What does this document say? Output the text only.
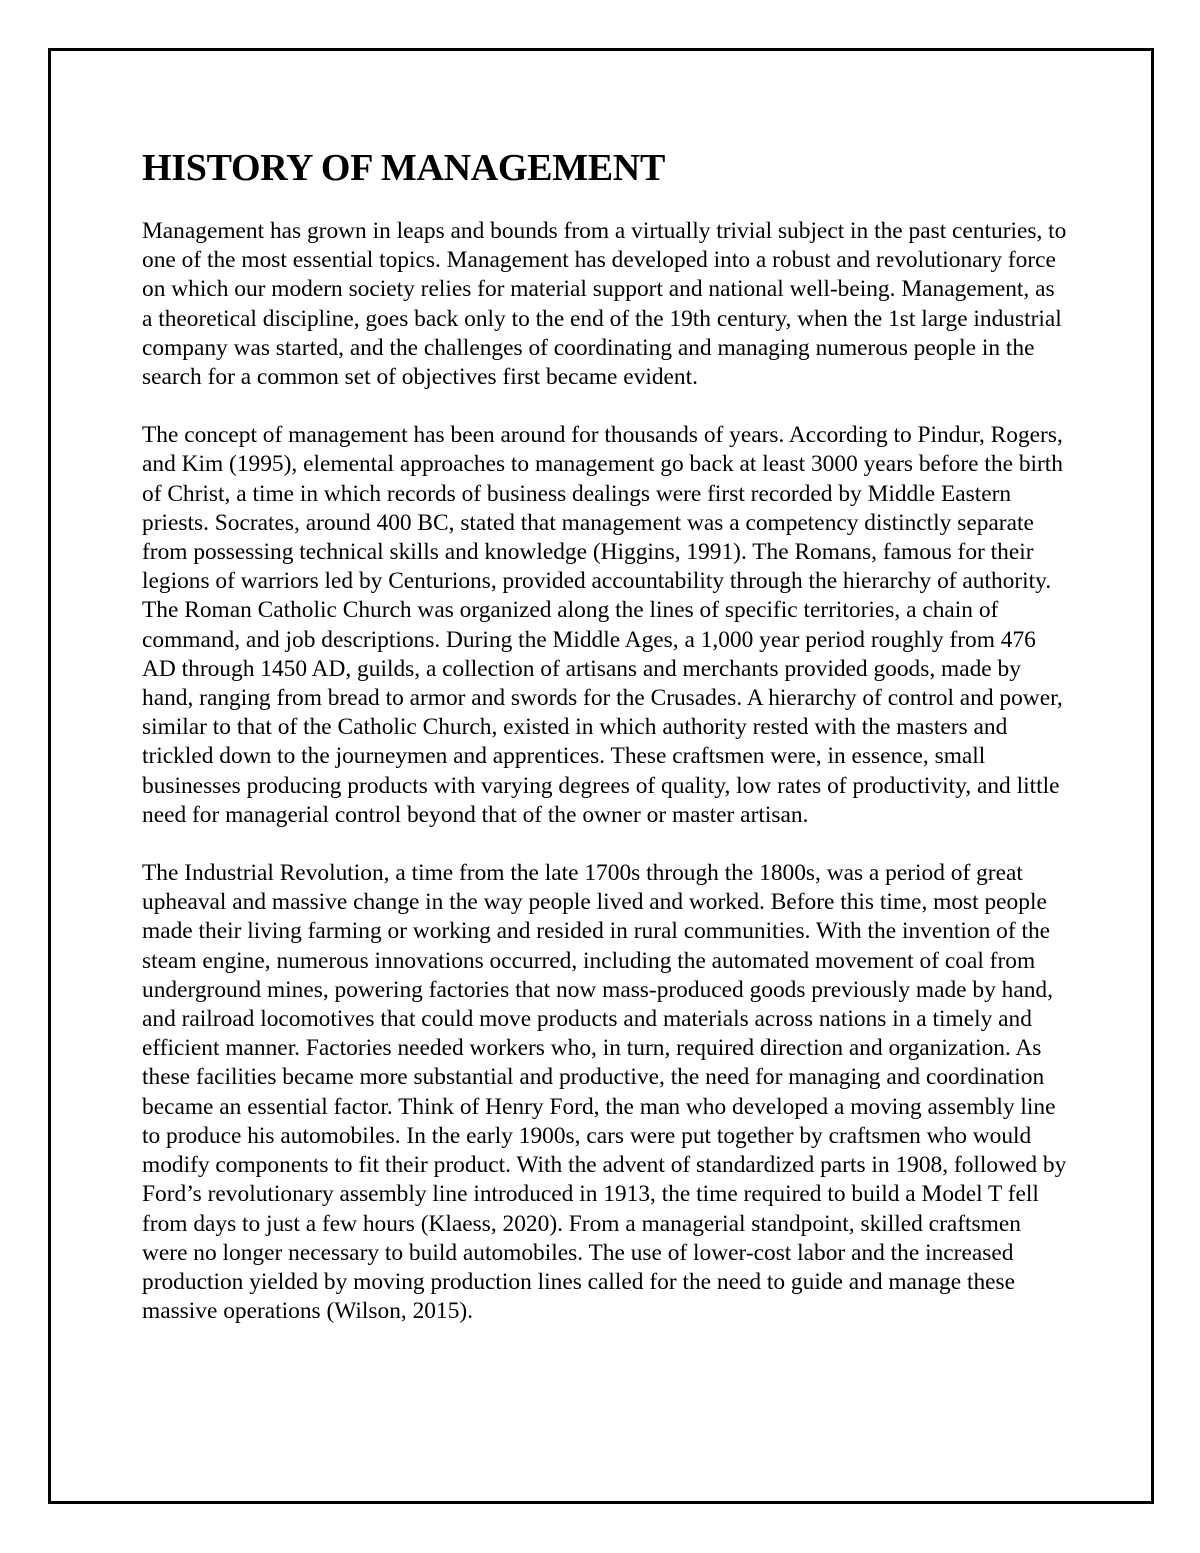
HISTORY OF MANAGEMENT

Management has grown in leaps and bounds from a virtually trivial subject in the past centuries, to one of the most essential topics. Management has developed into a robust and revolutionary force on which our modern society relies for material support and national well-being. Management, as a theoretical discipline, goes back only to the end of the 19th century, when the 1st large industrial company was started, and the challenges of coordinating and managing numerous people in the search for a common set of objectives first became evident.

The concept of management has been around for thousands of years. According to Pindur, Rogers, and Kim (1995), elemental approaches to management go back at least 3000 years before the birth of Christ, a time in which records of business dealings were first recorded by Middle Eastern priests. Socrates, around 400 BC, stated that management was a competency distinctly separate from possessing technical skills and knowledge (Higgins, 1991). The Romans, famous for their legions of warriors led by Centurions, provided accountability through the hierarchy of authority. The Roman Catholic Church was organized along the lines of specific territories, a chain of command, and job descriptions. During the Middle Ages, a 1,000 year period roughly from 476 AD through 1450 AD, guilds, a collection of artisans and merchants provided goods, made by hand, ranging from bread to armor and swords for the Crusades. A hierarchy of control and power, similar to that of the Catholic Church, existed in which authority rested with the masters and trickled down to the journeymen and apprentices. These craftsmen were, in essence, small businesses producing products with varying degrees of quality, low rates of productivity, and little need for managerial control beyond that of the owner or master artisan.

The Industrial Revolution, a time from the late 1700s through the 1800s, was a period of great upheaval and massive change in the way people lived and worked. Before this time, most people made their living farming or working and resided in rural communities. With the invention of the steam engine, numerous innovations occurred, including the automated movement of coal from underground mines, powering factories that now mass-produced goods previously made by hand, and railroad locomotives that could move products and materials across nations in a timely and efficient manner. Factories needed workers who, in turn, required direction and organization. As these facilities became more substantial and productive, the need for managing and coordination became an essential factor. Think of Henry Ford, the man who developed a moving assembly line to produce his automobiles. In the early 1900s, cars were put together by craftsmen who would modify components to fit their product. With the advent of standardized parts in 1908, followed by Ford’s revolutionary assembly line introduced in 1913, the time required to build a Model T fell from days to just a few hours (Klaess, 2020). From a managerial standpoint, skilled craftsmen were no longer necessary to build automobiles. The use of lower-cost labor and the increased production yielded by moving production lines called for the need to guide and manage these massive operations (Wilson, 2015).
